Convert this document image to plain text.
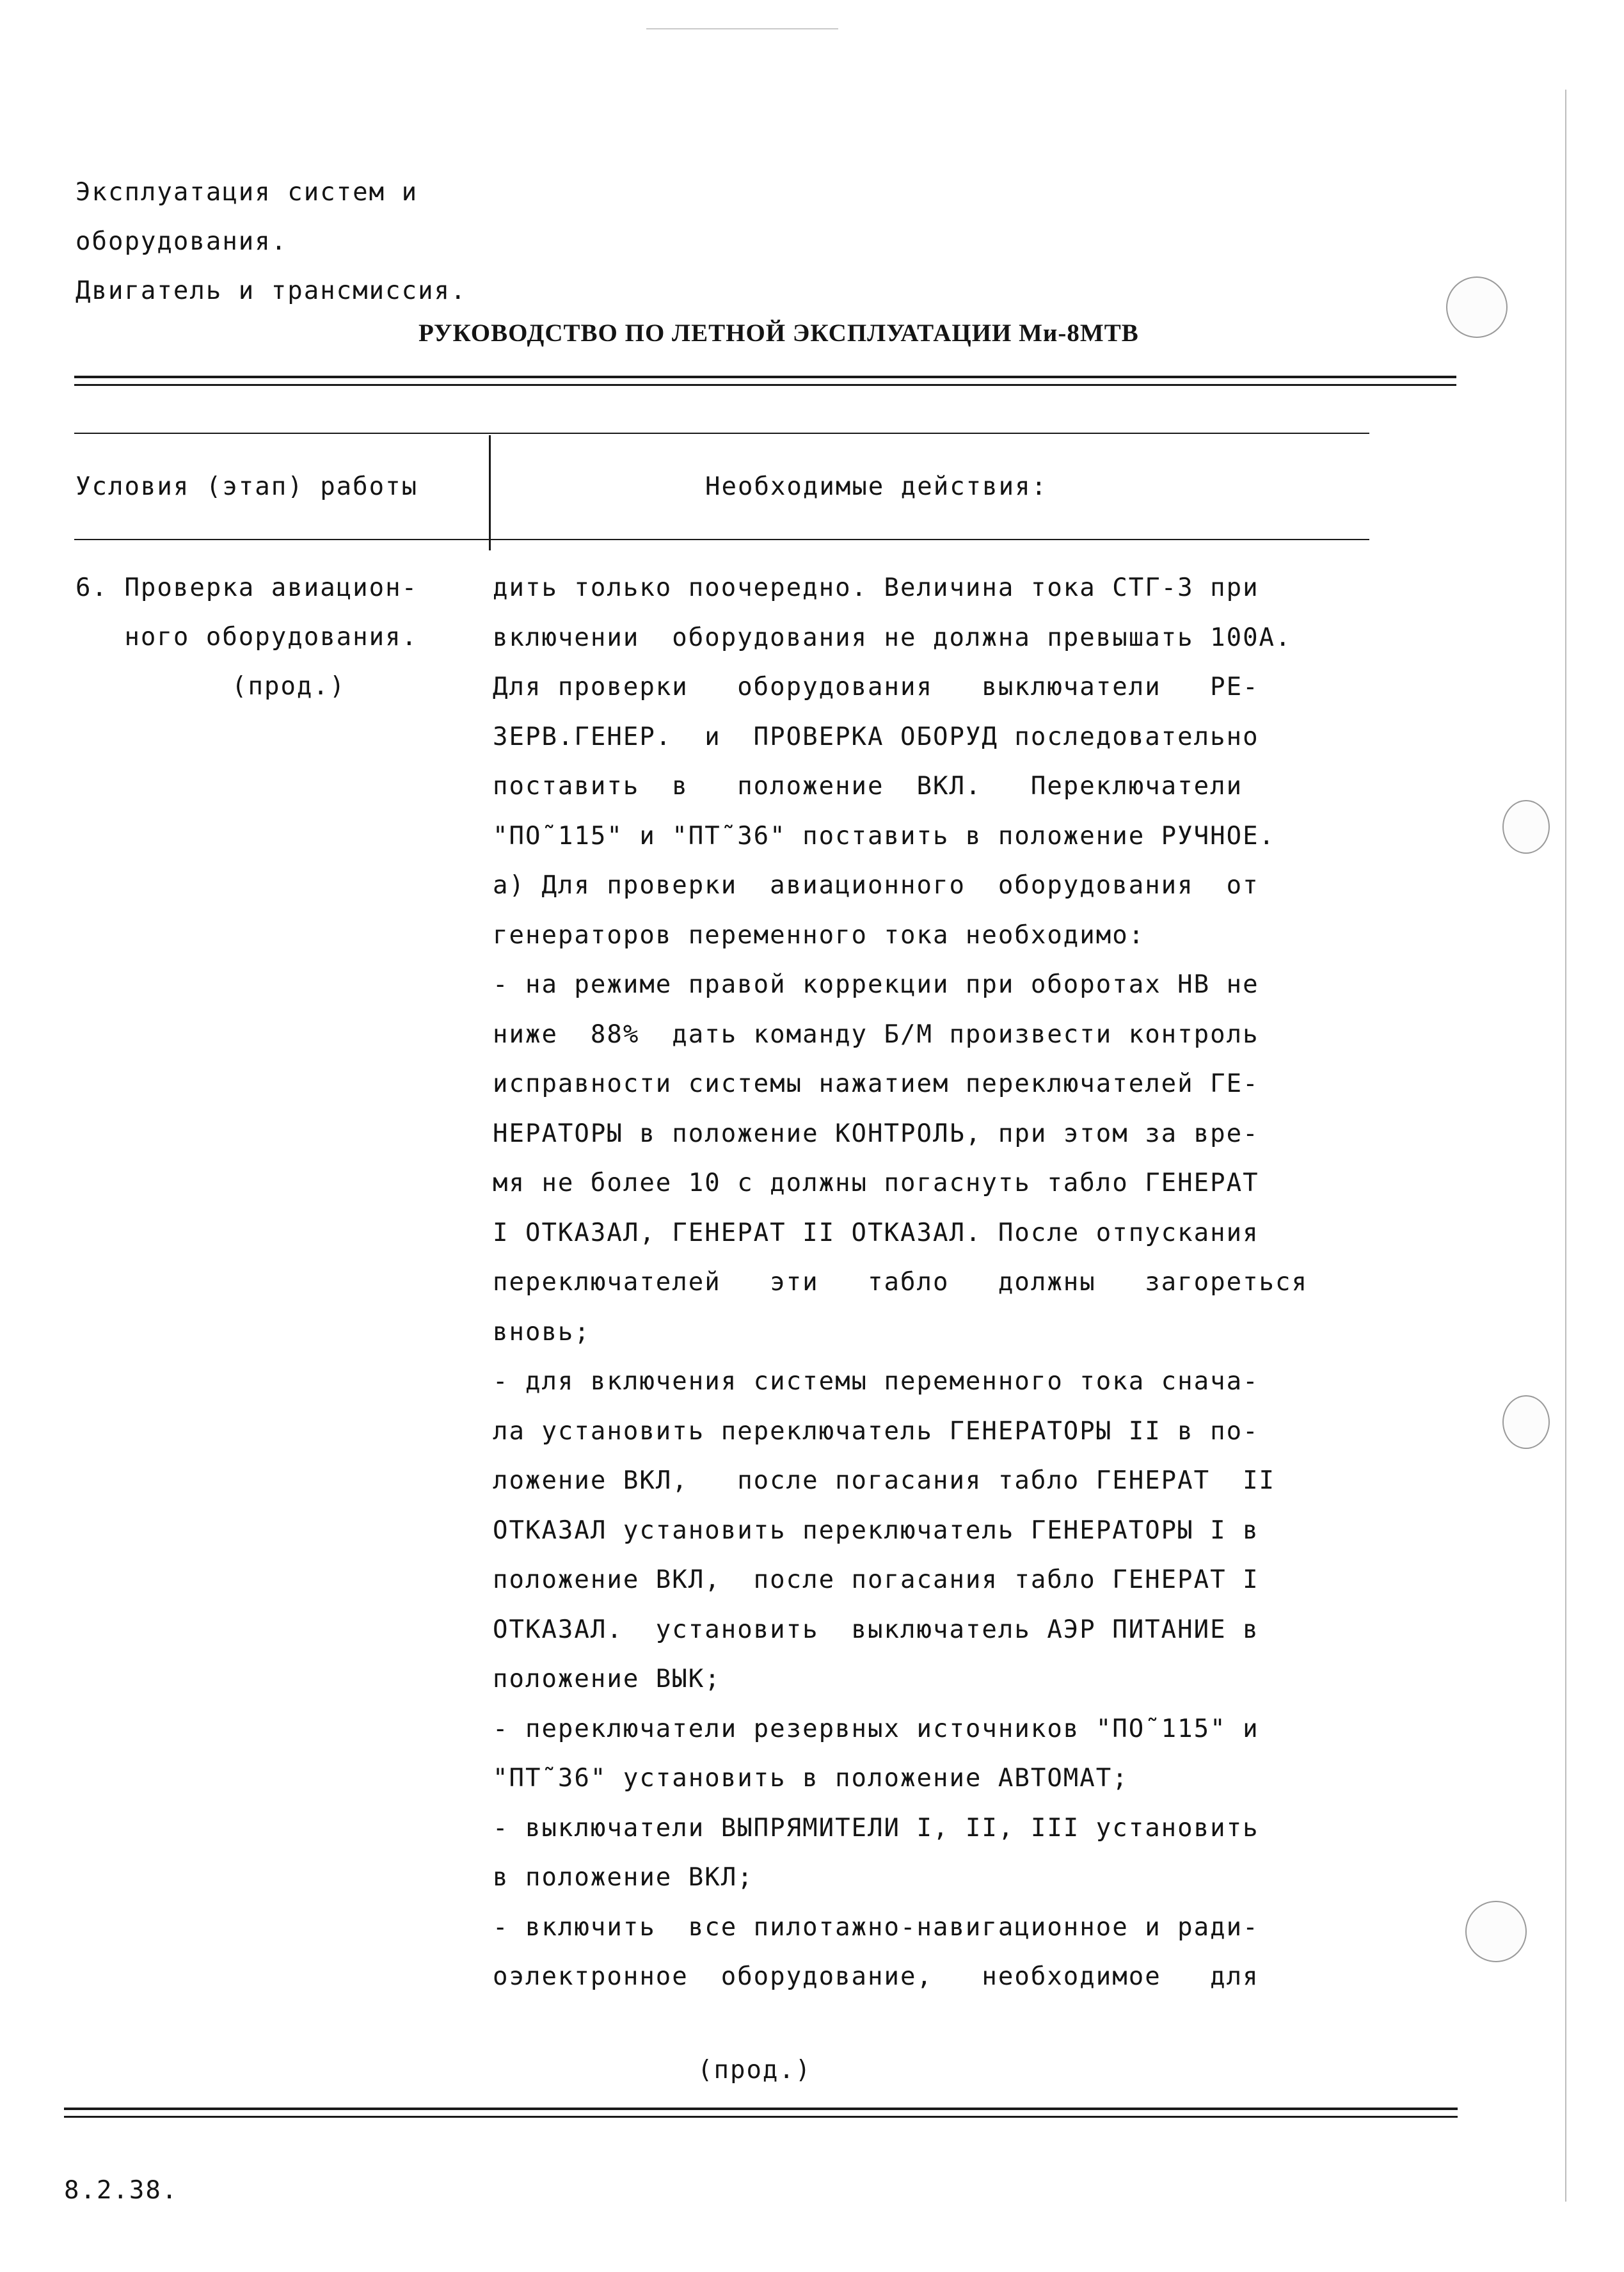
Эксплуатация систем и
оборудования.
Двигатель и трансмиссия.
РУКОВОДСТВО ПО ЛЕТНОЙ ЭКСПЛУАТАЦИИ Ми-8МТВ
Условия (этап) работы	Необходимые действия:
6. Проверка авиацион-
ного оборудования.
(прод.)
дить только поочередно. Величина тока СТГ-3 при
включении  оборудования не должна превышать 100А.
Для проверки   оборудования   выключатели   РЕ-
ЗЕРВ.ГЕНЕР.  и  ПРОВЕРКА ОБОРУД последовательно
поставить  в   положение  ВКЛ.   Переключатели
"ПО˜115" и "ПТ˜36" поставить в положение РУЧНОЕ.
а) Для проверки  авиационного  оборудования  от
генераторов переменного тока необходимо:
- на режиме правой коррекции при оборотах НВ не
ниже  88%  дать команду Б/М произвести контроль
исправности системы нажатием переключателей ГЕ-
НЕРАТОРЫ в положение КОНТРОЛЬ, при этом за вре-
мя не более 10 с должны погаснуть табло ГЕНЕРАТ
I ОТКАЗАЛ, ГЕНЕРАТ II ОТКАЗАЛ. После отпускания
переключателей   эти   табло   должны   загореться
вновь;
- для включения системы переменного тока снача-
ла установить переключатель ГЕНЕРАТОРЫ II в по-
ложение ВКЛ,   после погасания табло ГЕНЕРАТ  II
ОТКАЗАЛ установить переключатель ГЕНЕРАТОРЫ I в
положение ВКЛ,  после погасания табло ГЕНЕРАТ I
ОТКАЗАЛ.  установить  выключатель АЭР ПИТАНИЕ в
положение ВЫК;
- переключатели резервных источников "ПО˜115" и
"ПТ˜36" установить в положение АВТОМАТ;
- выключатели ВЫПРЯМИТЕЛИ I, II, III установить
в положение ВКЛ;
- включить  все пилотажно-навигационное и ради-
оэлектронное  оборудование,   необходимое   для
(прод.)
8.2.38.
